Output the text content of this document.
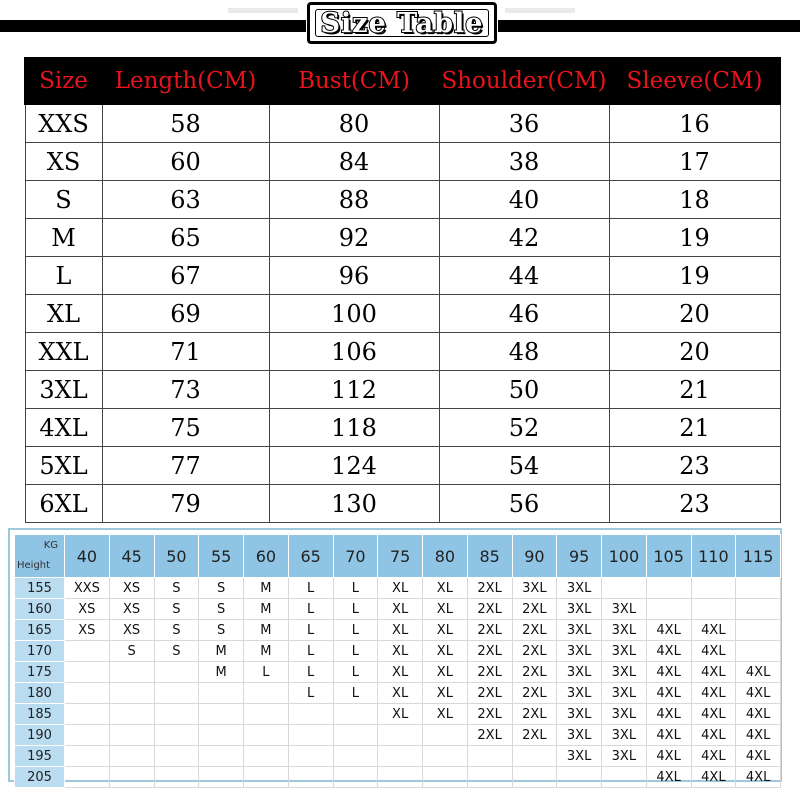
Size Table
Size	Length(CM)	Bust(CM)	Shoulder(CM)	Sleeve(CM)
XXS	58	80	36	16
XS	60	84	38	17
S	63	88	40	18
M	65	92	42	19
L	67	96	44	19
XL	69	100	46	20
XXL	71	106	48	20
3XL	73	112	50	21
4XL	75	118	52	21
5XL	77	124	54	23
6XL	79	130	56	23
KG
Height	40	45	50	55	60	65	70	75	80	85	90	95	100	105	110	115
155	XXS	XS	S	S	M	L	L	XL	XL	2XL	3XL	3XL				
160	XS	XS	S	S	M	L	L	XL	XL	2XL	2XL	3XL	3XL			
165	XS	XS	S	S	M	L	L	XL	XL	2XL	2XL	3XL	3XL	4XL	4XL	
170		S	S	M	M	L	L	XL	XL	2XL	2XL	3XL	3XL	4XL	4XL	
175				M	L	L	L	XL	XL	2XL	2XL	3XL	3XL	4XL	4XL	4XL
180						L	L	XL	XL	2XL	2XL	3XL	3XL	4XL	4XL	4XL
185								XL	XL	2XL	2XL	3XL	3XL	4XL	4XL	4XL
190										2XL	2XL	3XL	3XL	4XL	4XL	4XL
195												3XL	3XL	4XL	4XL	4XL
205														4XL	4XL	4XL
